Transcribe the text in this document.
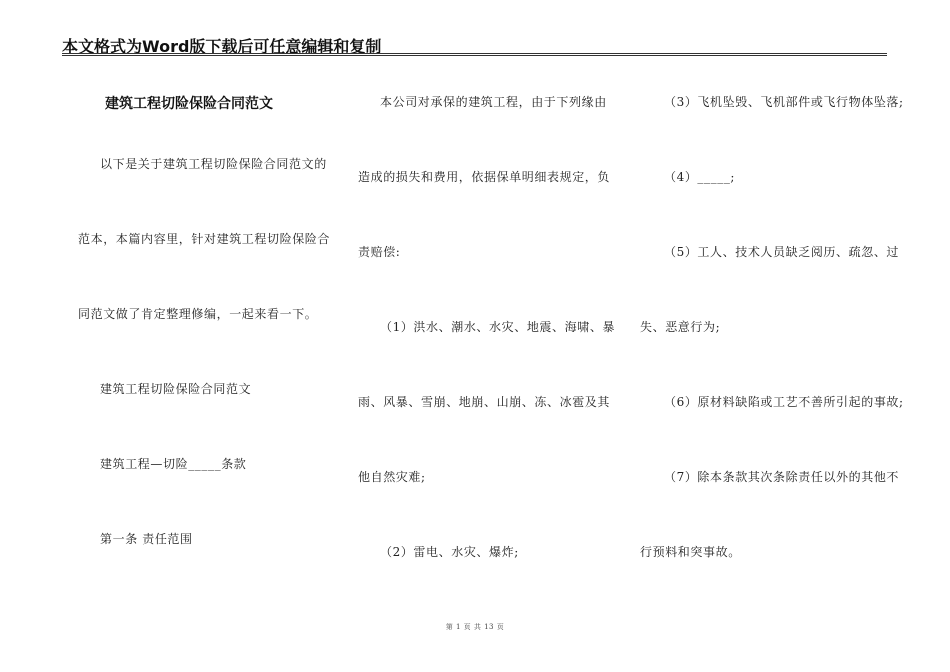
本文格式为Word版下载后可任意编辑和复制
建筑工程切险保险合同范文
以下是关于建筑工程切险保险合同范文的
范本，本篇内容里，针对建筑工程切险保险合
同范文做了肯定整理修编，一起来看一下。
建筑工程切险保险合同范文
建筑工程—切险_____条款
第一条 责任范围
本公司对承保的建筑工程，由于下列缘由
造成的损失和费用，依据保单明细表规定，负
责赔偿:
（1）洪水、潮水、水灾、地震、海啸、暴
雨、风暴、雪崩、地崩、山崩、冻、冰雹及其
他自然灾难;
（2）雷电、水灾、爆炸;
（3）飞机坠毁、飞机部件或飞行物体坠落;
（4）_____;
（5）工人、技术人员缺乏阅历、疏忽、过
失、恶意行为;
（6）原材料缺陷或工艺不善所引起的事故;
（7）除本条款其次条除责任以外的其他不
行预料和突事故。
第 1 页 共 13 页
